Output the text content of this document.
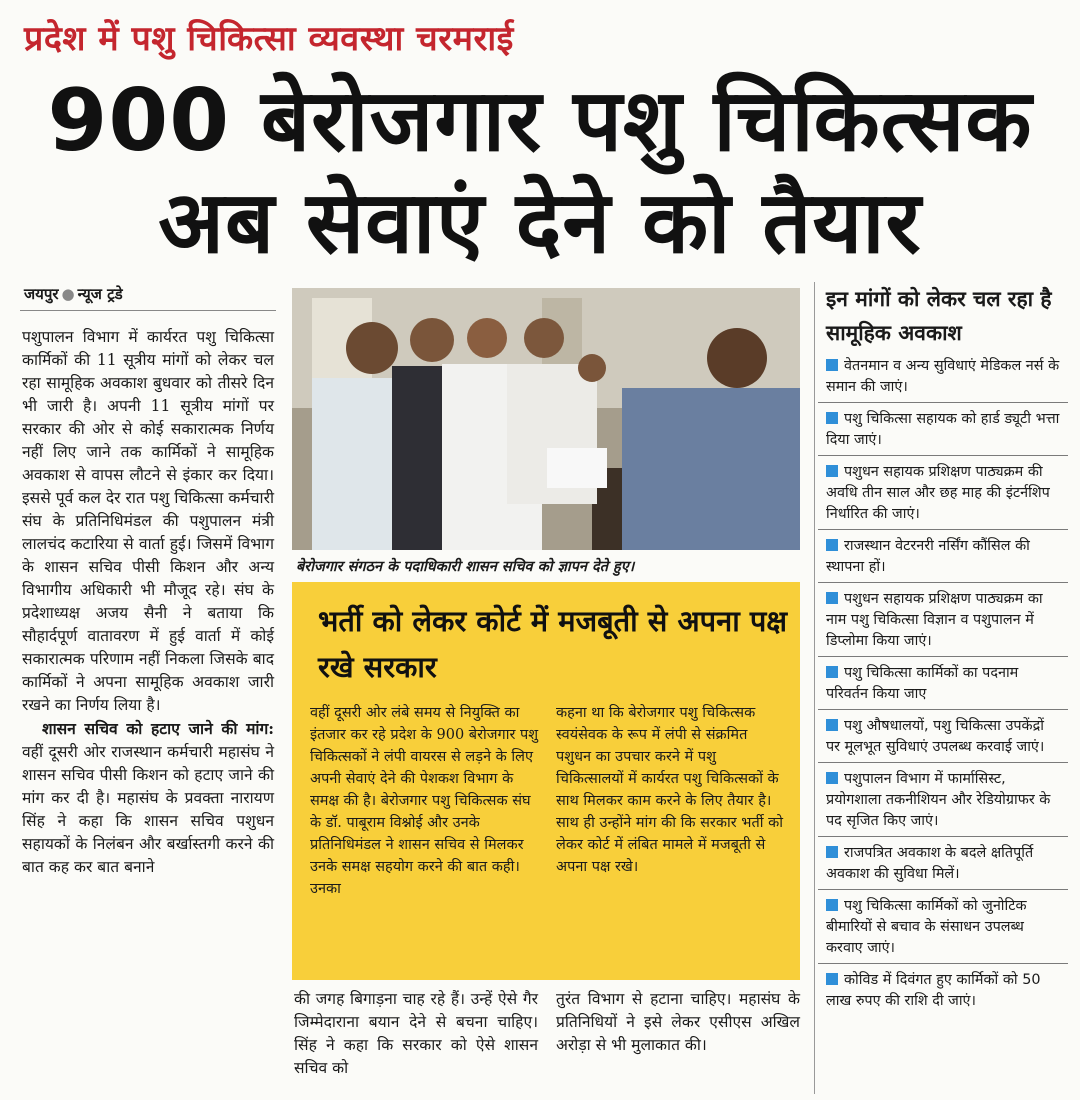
प्रदेश में पशु चिकित्सा व्यवस्था चरमराई
900 बेरोजगार पशु चिकित्सक
अब सेवाएं देने को तैयार
जयपुर ● न्यूज ट्रडे

पशुपालन विभाग में कार्यरत पशु चिकित्सा कार्मिकों की 11 सूत्रीय मांगों को लेकर चल रहा सामूहिक अवकाश बुधवार को तीसरे दिन भी जारी है। अपनी 11 सूत्रीय मांगों पर सरकार की ओर से कोई सकारात्मक निर्णय नहीं लिए जाने तक कार्मिकों ने सामूहिक अवकाश से वापस लौटने से इंकार कर दिया। इससे पूर्व कल देर रात पशु चिकित्सा कर्मचारी संघ के प्रतिनिधिमंडल की पशुपालन मंत्री लालचंद कटारिया से वार्ता हुई। जिसमें विभाग के शासन सचिव पीसी किशन और अन्य विभागीय अधिकारी भी मौजूद रहे। संघ के प्रदेशाध्यक्ष अजय सैनी ने बताया कि सौहार्दपूर्ण वातावरण में हुई वार्ता में कोई सकारात्मक परिणाम नहीं निकला जिसके बाद कार्मिकों ने अपना सामूहिक अवकाश जारी रखने का निर्णय लिया है।

शासन सचिव को हटाए जाने की मांग: वहीं दूसरी ओर राजस्थान कर्मचारी महासंघ ने शासन सचिव पीसी किशन को हटाए जाने की मांग कर दी है। महासंघ के प्रवक्ता नारायण सिंह ने कहा कि शासन सचिव पशुधन सहायकों के निलंबन और बर्खास्तगी करने की बात कह कर बात बनाने

बेरोजगार संगठन के पदाधिकारी शासन सचिव को ज्ञापन देते हुए।
भर्ती को लेकर कोर्ट में मजबूती से अपना पक्ष रखे सरकार
वहीं दूसरी ओर लंबे समय से नियुक्ति का इंतजार कर रहे प्रदेश के 900 बेरोजगार पशु चिकित्सकों ने लंपी वायरस से लड़ने के लिए अपनी सेवाएं देने की पेशकश विभाग के समक्ष की है। बेरोजगार पशु चिकित्सक संघ के डॉ. पाबूराम विश्नोई और उनके प्रतिनिधिमंडल ने शासन सचिव से मिलकर उनके समक्ष सहयोग करने की बात कही। उनका
कहना था कि बेरोजगार पशु चिकित्सक स्वयंसेवक के रूप में लंपी से संक्रमित पशुधन का उपचार करने में पशु चिकित्सालयों में कार्यरत पशु चिकित्सकों के साथ मिलकर काम करने के लिए तैयार है। साथ ही उन्होंने मांग की कि सरकार भर्ती को लेकर कोर्ट में लंबित मामले में मजबूती से अपना पक्ष रखे।
की जगह बिगाड़ना चाह रहे हैं। उन्हें ऐसे गैर जिम्मेदाराना बयान देने से बचना चाहिए। सिंह ने कहा कि सरकार को ऐसे शासन सचिव को
तुरंत विभाग से हटाना चाहिए। महासंघ के प्रतिनिधियों ने इसे लेकर एसीएस अखिल अरोड़ा से भी मुलाकात की।
इन मांगों को लेकर चल रहा है सामूहिक अवकाश
वेतनमान व अन्य सुविधाएं मेडिकल नर्स के समान की जाएं।
पशु चिकित्सा सहायक को हार्ड ड्यूटी भत्ता दिया जाएं।
पशुधन सहायक प्रशिक्षण पाठ्यक्रम की अवधि तीन साल और छह माह की इंटर्नशिप निर्धारित की जाएं।
राजस्थान वेटरनरी नर्सिंग कौंसिल की स्थापना हों।
पशुधन सहायक प्रशिक्षण पाठ्यक्रम का नाम पशु चिकित्सा विज्ञान व पशुपालन में डिप्लोमा किया जाएं।
पशु चिकित्सा कार्मिकों का पदनाम परिवर्तन किया जाए
पशु औषधालयों, पशु चिकित्सा उपकेंद्रों पर मूलभूत सुविधाएं उपलब्ध करवाई जाएं।
पशुपालन विभाग में फार्मासिस्ट, प्रयोगशाला तकनीशियन और रेडियोग्राफर के पद सृजित किए जाएं।
राजपत्रित अवकाश के बदले क्षतिपूर्ति अवकाश की सुविधा मिलें।
पशु चिकित्सा कार्मिकों को जुनोटिक बीमारियों से बचाव के संसाधन उपलब्ध करवाए जाएं।
कोविड में दिवंगत हुए कार्मिकों को 50 लाख रुपए की राशि दी जाएं।
